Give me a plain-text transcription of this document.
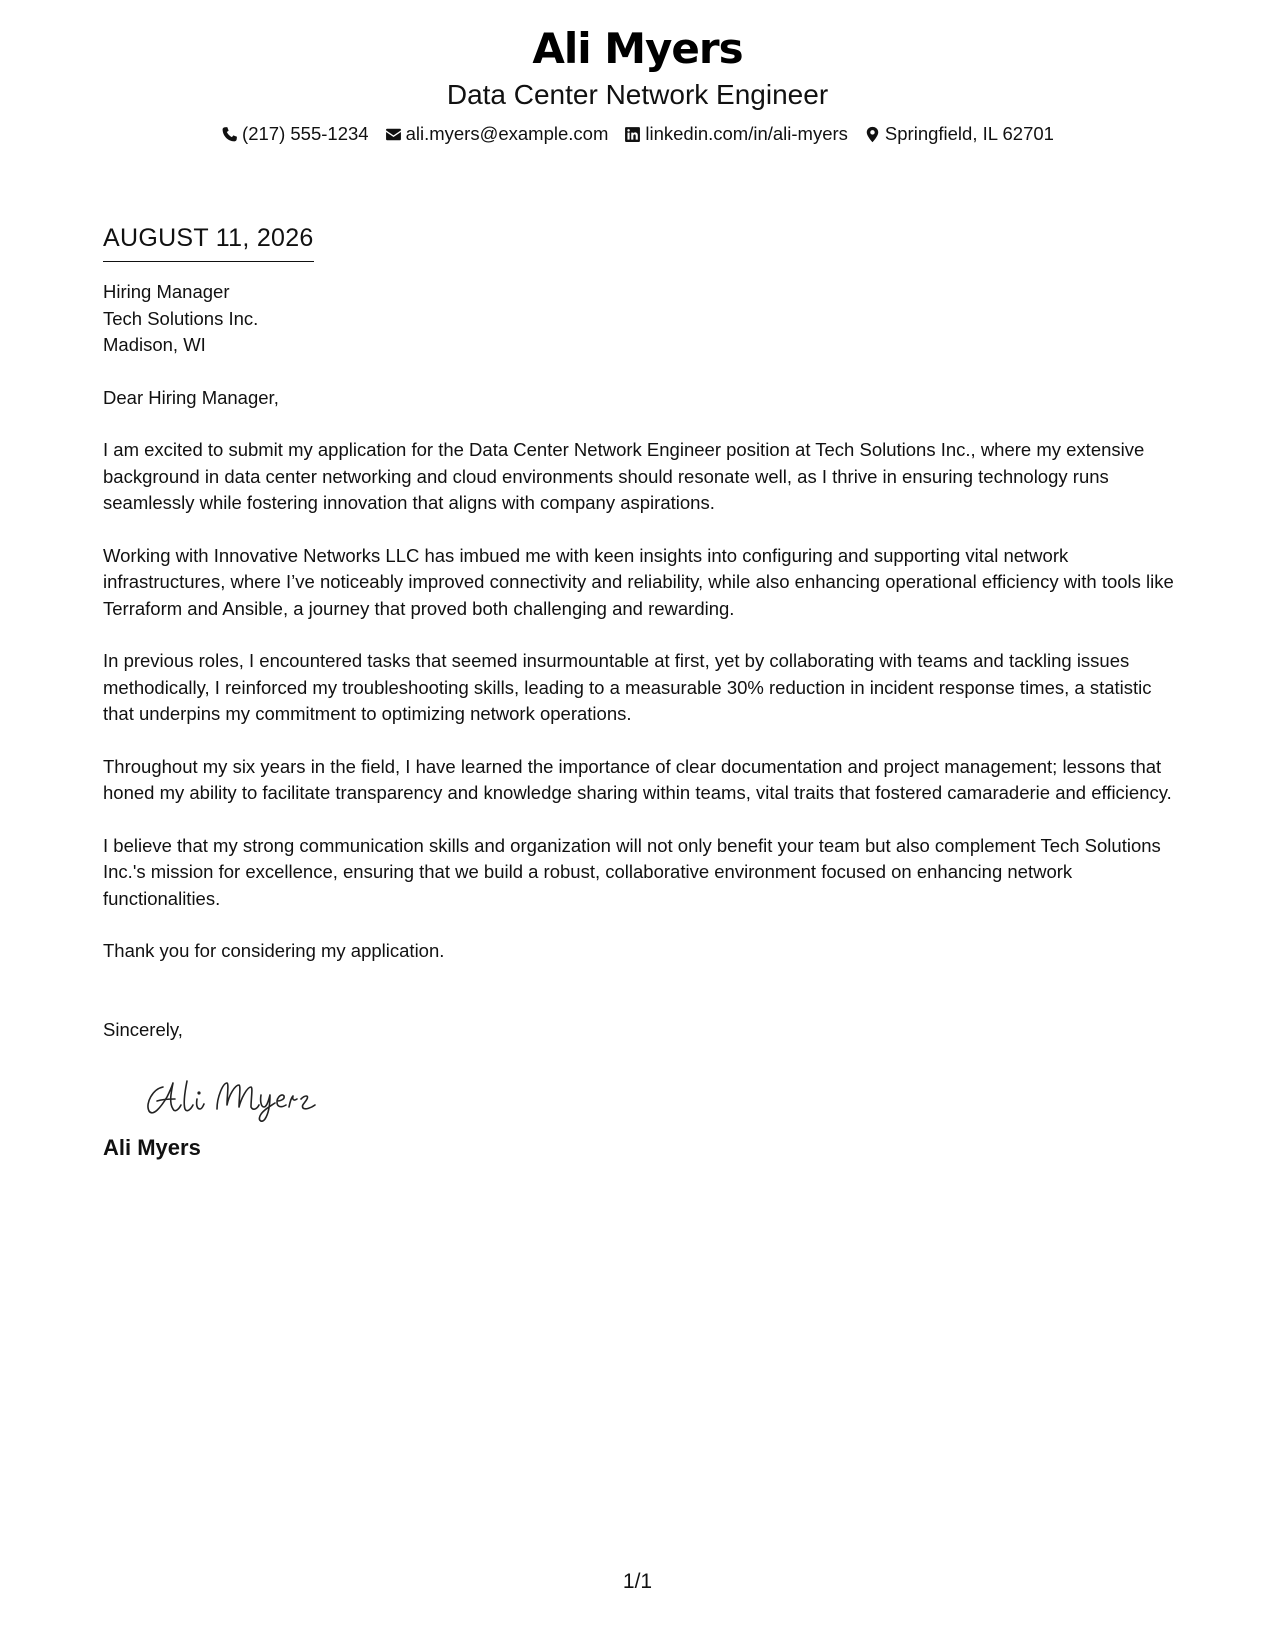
Ali Myers
Data Center Network Engineer
(217) 555-1234 ali.myers@example.com linkedin.com/in/ali-myers Springfield, IL 62701
AUGUST 11, 2026
Hiring Manager
Tech Solutions Inc.
Madison, WI
Dear Hiring Manager,

I am excited to submit my application for the Data Center Network Engineer position at Tech Solutions Inc., where my extensive background in data center networking and cloud environments should resonate well, as I thrive in ensuring technology runs seamlessly while fostering innovation that aligns with company aspirations.

Working with Innovative Networks LLC has imbued me with keen insights into configuring and supporting vital network infrastructures, where I’ve noticeably improved connectivity and reliability, while also enhancing operational efficiency with tools like Terraform and Ansible, a journey that proved both challenging and rewarding.

In previous roles, I encountered tasks that seemed insurmountable at first, yet by collaborating with teams and tackling issues methodically, I reinforced my troubleshooting skills, leading to a measurable 30% reduction in incident response times, a statistic that underpins my commitment to optimizing network operations.

Throughout my six years in the field, I have learned the importance of clear documentation and project management; lessons that honed my ability to facilitate transparency and knowledge sharing within teams, vital traits that fostered camaraderie and efficiency.

I believe that my strong communication skills and organization will not only benefit your team but also complement Tech Solutions Inc.'s mission for excellence, ensuring that we build a robust, collaborative environment focused on enhancing network functionalities.

Thank you for considering my application.

Sincerely,
Ali Myers
1/1
